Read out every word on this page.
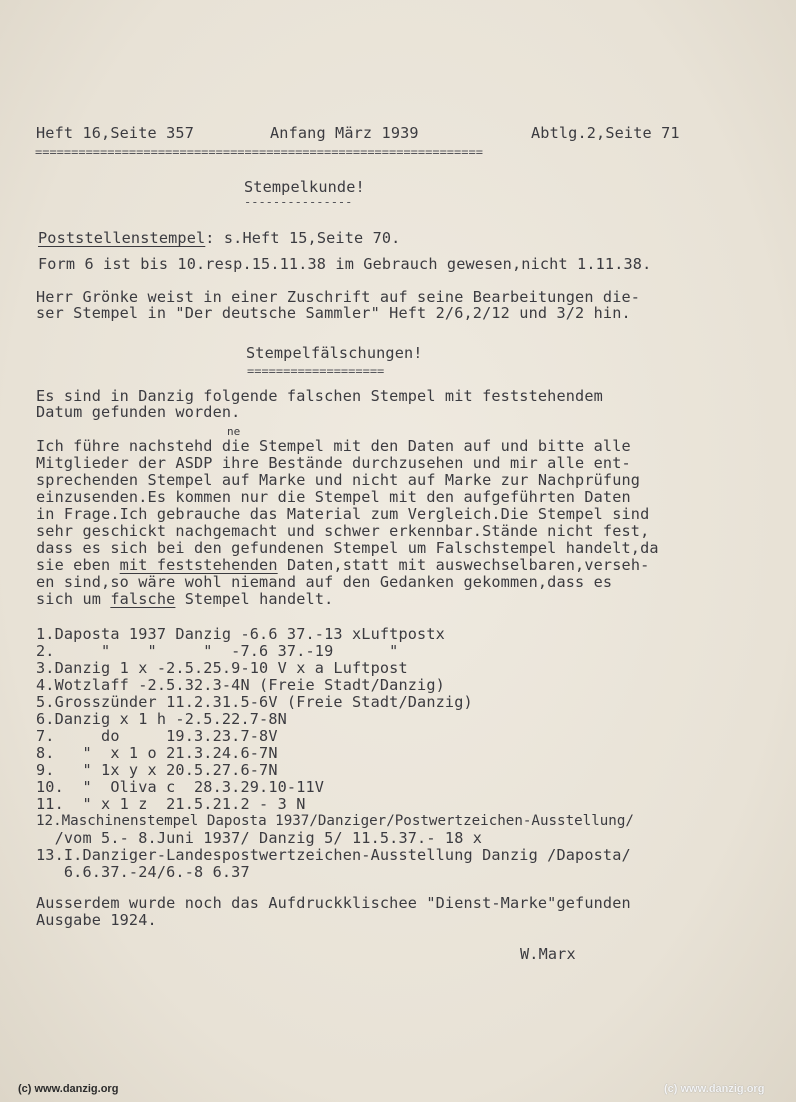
Heft 16,Seite 357	Anfang März 1939	Abtlg.2,Seite 71
==============================================================
Stempelkunde!
---------------
Poststellenstempel: s.Heft 15,Seite 70.
Form 6 ist bis 10.resp.15.11.38 im Gebrauch gewesen,nicht 1.11.38.
Herr Grönke weist in einer Zuschrift auf seine Bearbeitungen die-
ser Stempel in "Der deutsche Sammler" Heft 2/6,2/12 und 3/2 hin.
Stempelfälschungen!
===================
Es sind in Danzig folgende falschen Stempel mit feststehendem
Datum gefunden worden.
ne
Ich führe nachstehd die Stempel mit den Daten auf und bitte alle
Mitglieder der ASDP ihre Bestände durchzusehen und mir alle ent-
sprechenden Stempel auf Marke und nicht auf Marke zur Nachprüfung
einzusenden.Es kommen nur die Stempel mit den aufgeführten Daten
in Frage.Ich gebrauche das Material zum Vergleich.Die Stempel sind
sehr geschickt nachgemacht und schwer erkennbar.Stände nicht fest,
dass es sich bei den gefundenen Stempel um Falschstempel handelt,da
sie eben mit feststehenden Daten,statt mit auswechselbaren,verseh-
en sind,so wäre wohl niemand auf den Gedanken gekommen,dass es
sich um falsche Stempel handelt.
1.Daposta 1937 Danzig -6.6 37.-13 xLuftpostx
2.     "    "     "  -7.6 37.-19      "
3.Danzig 1 x -2.5.25.9-10 V x a Luftpost
4.Wotzlaff -2.5.32.3-4N (Freie Stadt/Danzig)
5.Grosszünder 11.2.31.5-6V (Freie Stadt/Danzig)
6.Danzig x 1 h -2.5.22.7-8N
7.     do     19.3.23.7-8V
8.   "  x 1 o 21.3.24.6-7N
9.   " 1x y x 20.5.27.6-7N
10.  "  Oliva c  28.3.29.10-11V
11.  " x 1 z  21.5.21.2 - 3 N
12.Maschinenstempel Daposta 1937/Danziger/Postwertzeichen-Ausstellung/
/vom 5.- 8.Juni 1937/ Danzig 5/ 11.5.37.- 18 x
13.I.Danziger-Landespostwertzeichen-Ausstellung Danzig /Daposta/
6.6.37.-24/6.-8 6.37
Ausserdem wurde noch das Aufdruckklischee "Dienst-Marke"gefunden
Ausgabe 1924.
W.Marx
(c) www.danzig.org	(c) www.danzig.org
